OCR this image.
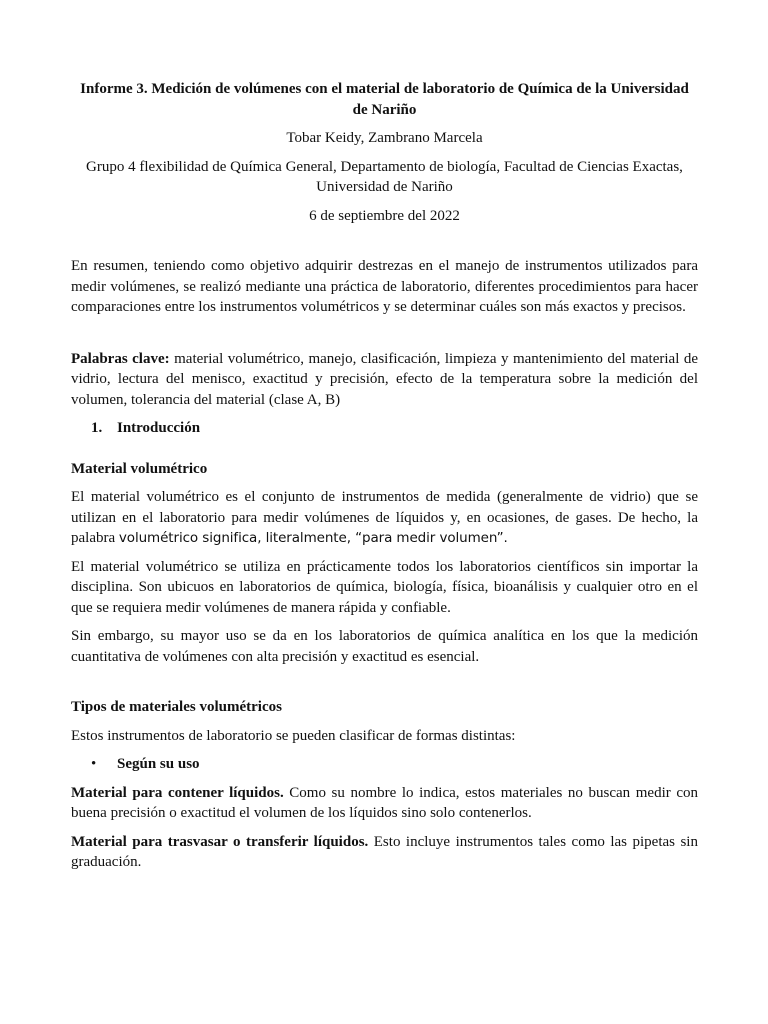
Informe 3. Medición de volúmenes con el material de laboratorio de Química de la Universidad de Nariño

Tobar Keidy, Zambrano Marcela

Grupo 4 flexibilidad de Química General, Departamento de biología, Facultad de Ciencias Exactas, Universidad de Nariño

6 de septiembre del 2022

En resumen, teniendo como objetivo adquirir destrezas en el manejo de instrumentos utilizados para medir volúmenes, se realizó mediante una práctica de laboratorio, diferentes procedimientos para hacer comparaciones entre los instrumentos volumétricos y se determinar cuáles son más exactos y precisos.

Palabras clave: material volumétrico, manejo, clasificación, limpieza y mantenimiento del material de vidrio, lectura del menisco, exactitud y precisión, efecto de la temperatura sobre la medición del volumen, tolerancia del material (clase A, B)

1. Introducción

Material volumétrico

El material volumétrico es el conjunto de instrumentos de medida (generalmente de vidrio) que se utilizan en el laboratorio para medir volúmenes de líquidos y, en ocasiones, de gases. De hecho, la palabra volumétrico significa, literalmente, “para medir volumen”.

El material volumétrico se utiliza en prácticamente todos los laboratorios científicos sin importar la disciplina. Son ubicuos en laboratorios de química, biología, física, bioanálisis y cualquier otro en el que se requiera medir volúmenes de manera rápida y confiable.

Sin embargo, su mayor uso se da en los laboratorios de química analítica en los que la medición cuantitativa de volúmenes con alta precisión y exactitud es esencial.

Tipos de materiales volumétricos

Estos instrumentos de laboratorio se pueden clasificar de formas distintas:

•	Según su uso

Material para contener líquidos. Como su nombre lo indica, estos materiales no buscan medir con buena precisión o exactitud el volumen de los líquidos sino solo contenerlos.

Material para trasvasar o transferir líquidos. Esto incluye instrumentos tales como las pipetas sin graduación.
